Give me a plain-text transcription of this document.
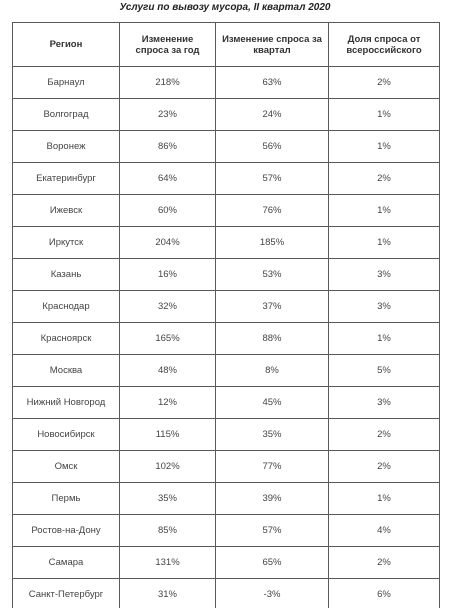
Услуги по вывозу мусора, II квартал 2020
Регион	Изменение спроса за год	Изменение спроса за квартал	Доля спроса от всероссийского
Барнаул	218%	63%	2%
Волгоград	23%	24%	1%
Воронеж	86%	56%	1%
Екатеринбург	64%	57%	2%
Ижевск	60%	76%	1%
Иркутск	204%	185%	1%
Казань	16%	53%	3%
Краснодар	32%	37%	3%
Красноярск	165%	88%	1%
Москва	48%	8%	5%
Нижний Новгород	12%	45%	3%
Новосибирск	115%	35%	2%
Омск	102%	77%	2%
Пермь	35%	39%	1%
Ростов-на-Дону	85%	57%	4%
Самара	131%	65%	2%
Санкт-Петербург	31%	-3%	6%
